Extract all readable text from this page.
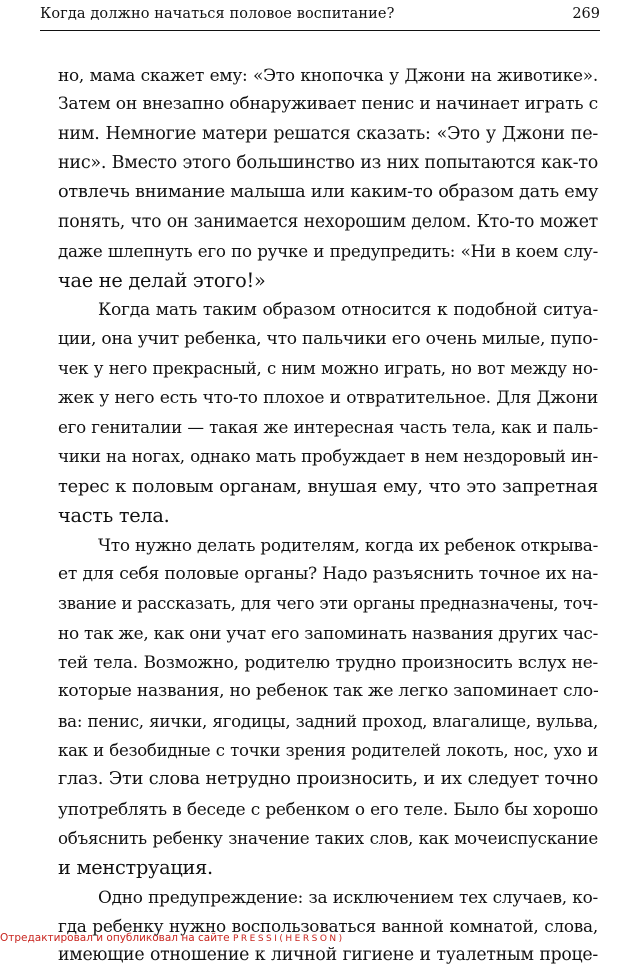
Когда должно начаться половое воспитание?	269
но, мама скажет ему: «Это кнопочка у Джони на животике».
Затем он внезапно обнаруживает пенис и начинает играть с
ним. Немногие матери решатся сказать: «Это у Джони пе-
нис». Вместо этого большинство из них попытаются как-то
отвлечь внимание малыша или каким-то образом дать ему
понять, что он занимается нехорошим делом. Кто-то может
даже шлепнуть его по ручке и предупредить: «Ни в коем слу-
чае не делай этого!»
Когда мать таким образом относится к подобной ситуа-
ции, она учит ребенка, что пальчики его очень милые, пупо-
чек у него прекрасный, с ним можно играть, но вот между но-
жек у него есть что-то плохое и отвратительное. Для Джони
его гениталии — такая же интересная часть тела, как и паль-
чики на ногах, однако мать пробуждает в нем нездоровый ин-
терес к половым органам, внушая ему, что это запретная
часть тела.
Что нужно делать родителям, когда их ребенок открыва-
ет для себя половые органы? Надо разъяснить точное их на-
звание и рассказать, для чего эти органы предназначены, точ-
но так же, как они учат его запоминать названия других час-
тей тела. Возможно, родителю трудно произносить вслух не-
которые названия, но ребенок так же легко запоминает сло-
ва: пенис, яички, ягодицы, задний проход, влагалище, вульва,
как и безобидные с точки зрения родителей локоть, нос, ухо и
глаз. Эти слова нетрудно произносить, и их следует точно
употреблять в беседе с ребенком о его теле. Было бы хорошо
объяснить ребенку значение таких слов, как мочеиспускание
и менструация.
Одно предупреждение: за исключением тех случаев, ко-
гда ребенку нужно воспользоваться ванной комнатой, слова,
имеющие отношение к личной гигиене и туалетным проце-
Отредактировал и опубликовал на сайте PRESSI(HERSON)
